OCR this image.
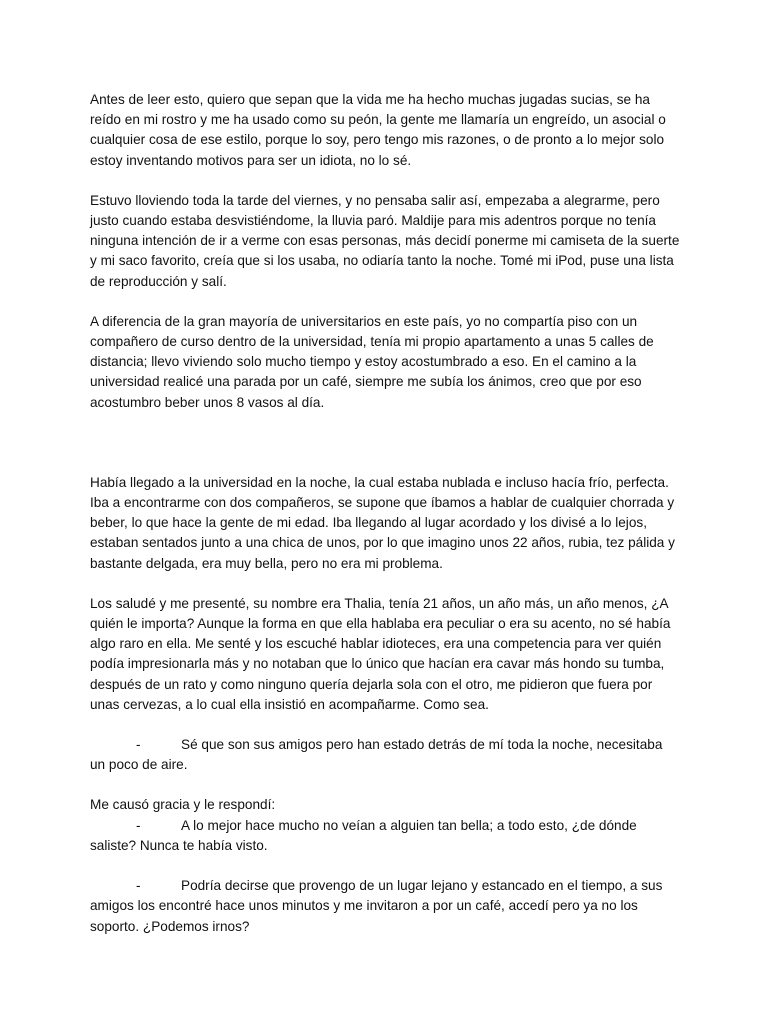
Antes de leer esto, quiero que sepan que la vida me ha hecho muchas jugadas sucias, se ha reído en mi rostro y me ha usado como su peón, la gente me llamaría un engreído, un asocial o cualquier cosa de ese estilo, porque lo soy, pero tengo mis razones, o de pronto a lo mejor solo estoy inventando motivos para ser un idiota, no lo sé.

Estuvo lloviendo toda la tarde del viernes, y no pensaba salir así, empezaba a alegrarme, pero justo cuando estaba desvistiéndome, la lluvia paró. Maldije para mis adentros porque no tenía ninguna intención de ir a verme con esas personas, más decidí ponerme mi camiseta de la suerte y mi saco favorito, creía que si los usaba, no odiaría tanto la noche. Tomé mi iPod, puse una lista de reproducción y salí.

A diferencia de la gran mayoría de universitarios en este país, yo no compartía piso con un compañero de curso dentro de la universidad, tenía mi propio apartamento a unas 5 calles de distancia; llevo viviendo solo mucho tiempo y estoy acostumbrado a eso. En el camino a la universidad realicé una parada por un café, siempre me subía los ánimos, creo que por eso acostumbro beber unos 8 vasos al día.

Había llegado a la universidad en la noche, la cual estaba nublada e incluso hacía frío, perfecta. Iba a encontrarme con dos compañeros, se supone que íbamos a hablar de cualquier chorrada y beber, lo que hace la gente de mi edad. Iba llegando al lugar acordado y los divisé a lo lejos, estaban sentados junto a una chica de unos, por lo que imagino unos 22 años, rubia, tez pálida y bastante delgada, era muy bella, pero no era mi problema.

Los saludé y me presenté, su nombre era Thalia, tenía 21 años, un año más, un año menos, ¿A quién le importa? Aunque la forma en que ella hablaba era peculiar o era su acento, no sé había algo raro en ella. Me senté y los escuché hablar idioteces, era una competencia para ver quién podía impresionarla más y no notaban que lo único que hacían era cavar más hondo su tumba, después de un rato y como ninguno quería dejarla sola con el otro, me pidieron que fuera por unas cervezas, a lo cual ella insistió en acompañarme. Como sea.

-	Sé que son sus amigos pero han estado detrás de mí toda la noche, necesitaba
un poco de aire.
Me causó gracia y le respondí:
-	A lo mejor hace mucho no veían a alguien tan bella; a todo esto, ¿de dónde
saliste? Nunca te había visto.
-	Podría decirse que provengo de un lugar lejano y estancado en el tiempo, a sus
amigos los encontré hace unos minutos y me invitaron a por un café, accedí pero ya no los soporto. ¿Podemos irnos?
